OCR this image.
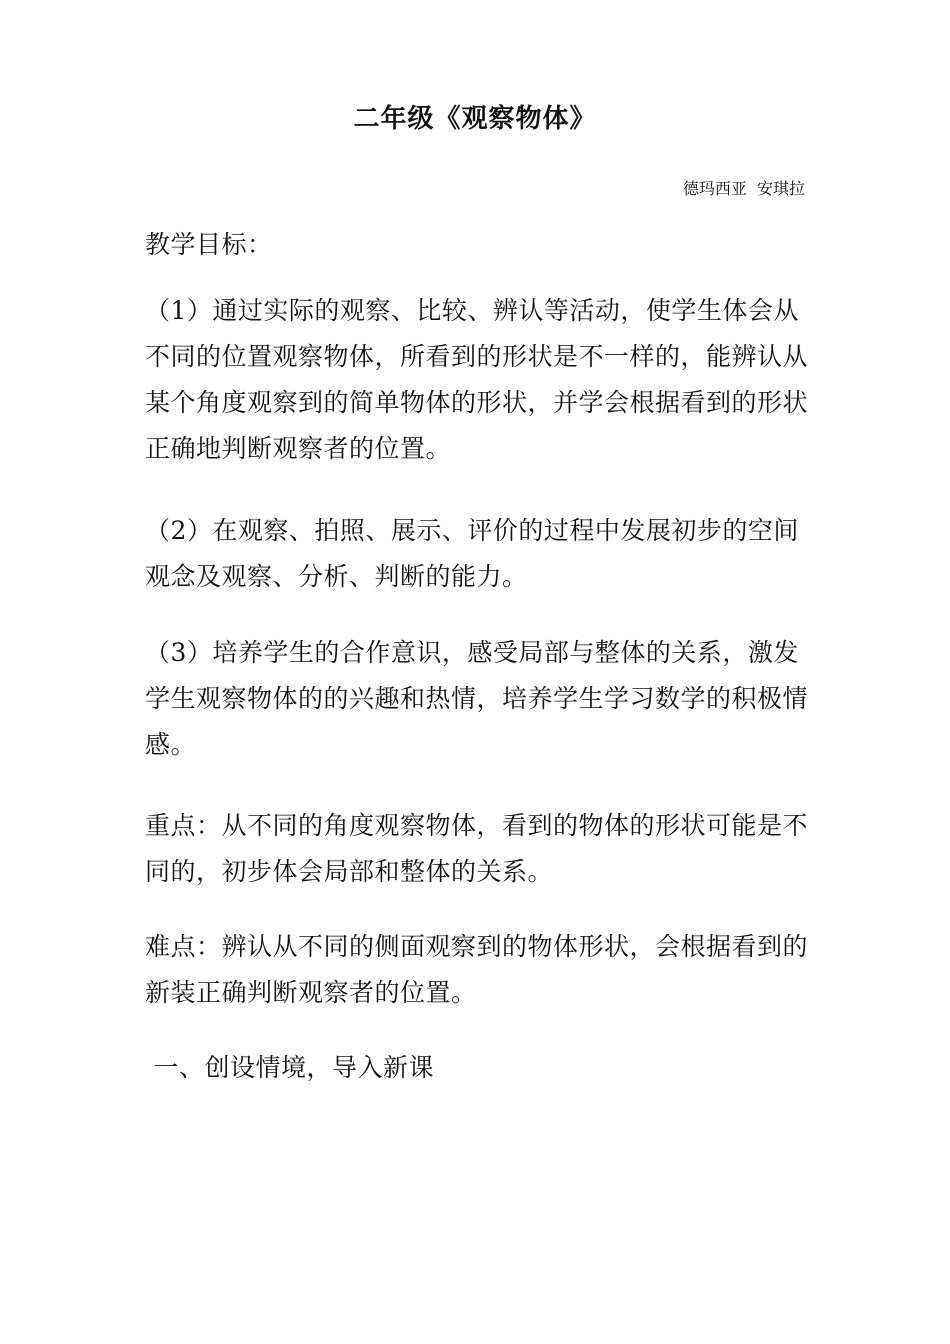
二年级《观察物体》
德玛西亚  安琪拉
教学目标：
（1）通过实际的观察、比较、辨认等活动，使学生体会从
不同的位置观察物体，所看到的形状是不一样的，能辨认从
某个角度观察到的简单物体的形状，并学会根据看到的形状
正确地判断观察者的位置。
（2）在观察、拍照、展示、评价的过程中发展初步的空间
观念及观察、分析、判断的能力。
（3）培养学生的合作意识，感受局部与整体的关系，激发
学生观察物体的的兴趣和热情，培养学生学习数学的积极情
感。
重点：从不同的角度观察物体，看到的物体的形状可能是不
同的，初步体会局部和整体的关系。
难点：辨认从不同的侧面观察到的物体形状，会根据看到的
新装正确判断观察者的位置。
一、创设情境，导入新课
